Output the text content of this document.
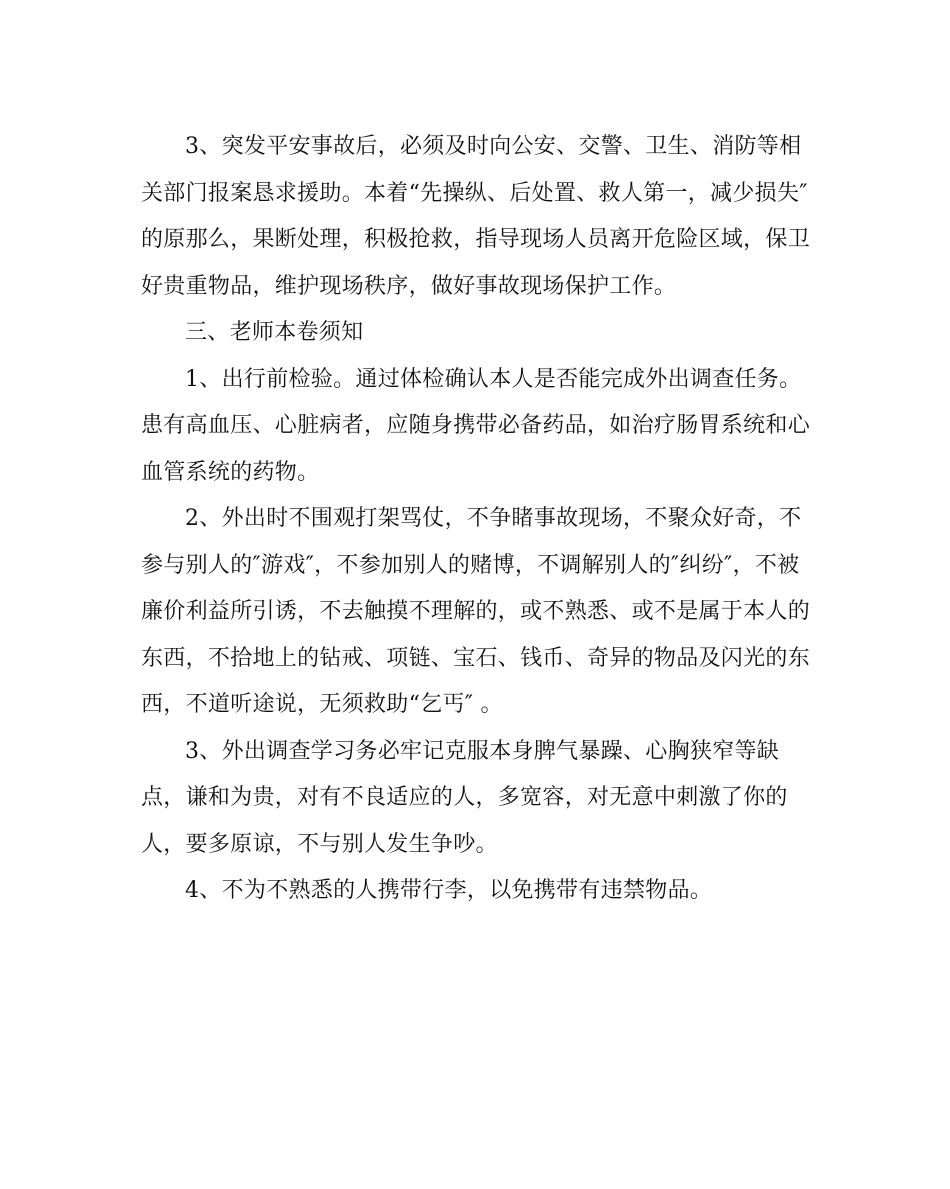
3、突发平安事故后，必须及时向公安、交警、卫生、消防等相
关部门报案恳求援助。本着“先操纵、后处置、救人第一，减少损失″
的原那么，果断处理，积极抢救，指导现场人员离开危险区域，保卫
好贵重物品，维护现场秩序，做好事故现场保护工作。

三、老师本卷须知

1、出行前检验。通过体检确认本人是否能完成外出调查任务。
患有高血压、心脏病者，应随身携带必备药品，如治疗肠胃系统和心
血管系统的药物。

2、外出时不围观打架骂仗，不争睹事故现场，不聚众好奇，不
参与别人的″游戏″，不参加别人的赌博，不调解别人的″纠纷″，不被
廉价利益所引诱，不去触摸不理解的，或不熟悉、或不是属于本人的
东西，不拾地上的钻戒、项链、宝石、钱币、奇异的物品及闪光的东
西，不道听途说，无须救助“乞丐″ 。

3、外出调查学习务必牢记克服本身脾气暴躁、心胸狭窄等缺
点，谦和为贵，对有不良适应的人，多宽容，对无意中刺激了你的
人，要多原谅，不与别人发生争吵。

4、不为不熟悉的人携带行李，以免携带有违禁物品。
